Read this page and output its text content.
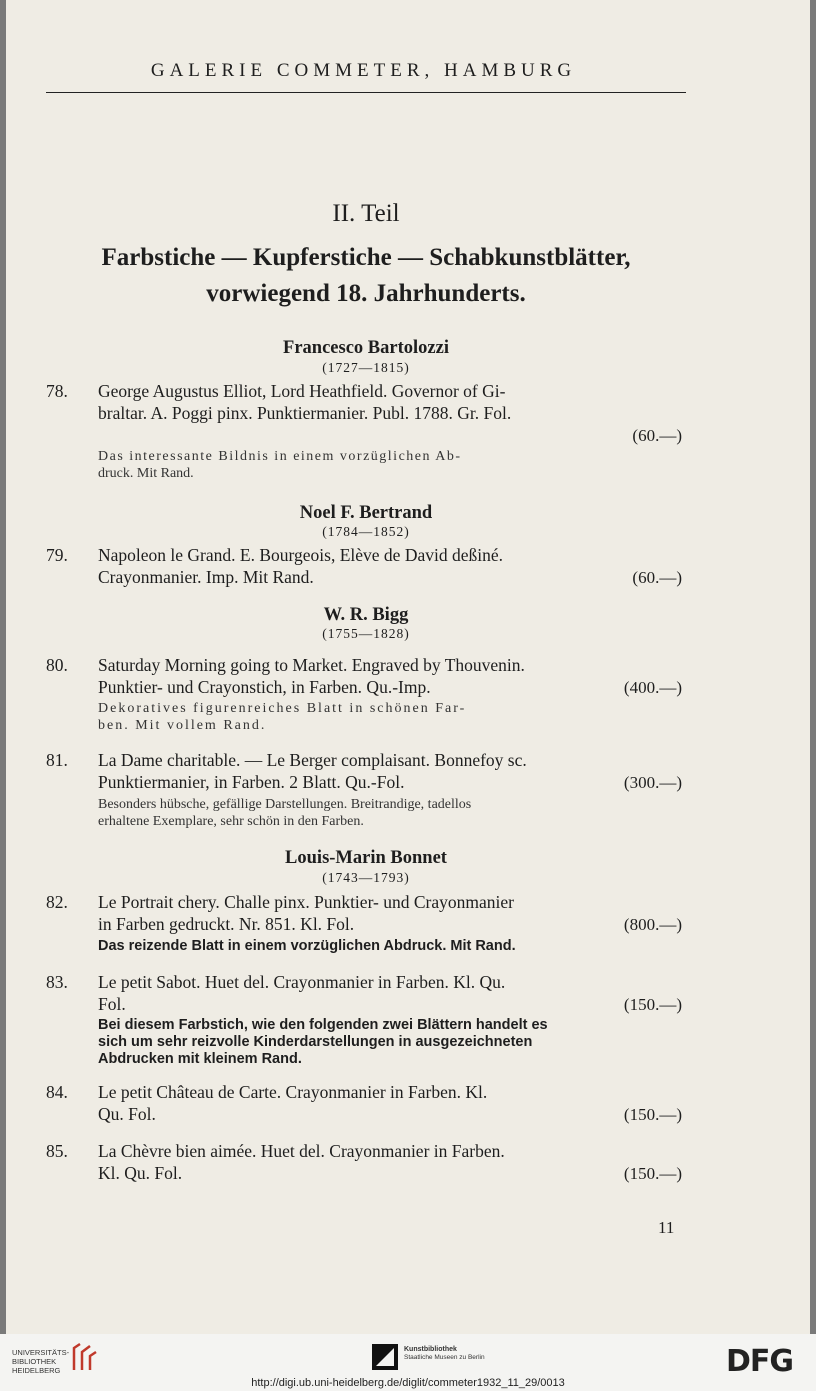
GALERIE COMMETER, HAMBURG
II. Teil
Farbstiche — Kupferstiche — Schabkunstblätter,
vorwiegend 18. Jahrhunderts.
Francesco Bartolozzi
(1727—1815)
78. George Augustus Elliot, Lord Heathfield. Governor of Gi-
braltar. A. Poggi pinx. Punktiermanier. Publ. 1788. Gr. Fol.
(60.—)
Das interessante Bildnis in einem vorzüglichen Ab-
druck. Mit Rand.
Noel F. Bertrand
(1784—1852)
79. Napoleon le Grand. E. Bourgeois, Elève de David deßiné.
Crayonmanier. Imp. Mit Rand.	(60.—)
W. R. Bigg
(1755—1828)
80. Saturday Morning going to Market. Engraved by Thouvenin.
Punktier- und Crayonstich, in Farben. Qu.-Imp.	(400.—)
Dekoratives figurenreiches Blatt in schönen Far-
ben. Mit vollem Rand.
81. La Dame charitable. — Le Berger complaisant. Bonnefoy sc.
Punktiermanier, in Farben. 2 Blatt. Qu.-Fol.	(300.—)
Besonders hübsche, gefällige Darstellungen. Breitrandige, tadellos
erhaltene Exemplare, sehr schön in den Farben.
Louis-Marin Bonnet
(1743—1793)
82. Le Portrait chery. Challe pinx. Punktier- und Crayonmanier
in Farben gedruckt. Nr. 851. Kl. Fol.	(800.—)
Das reizende Blatt in einem vorzüglichen Abdruck. Mit Rand.
83. Le petit Sabot. Huet del. Crayonmanier in Farben. Kl. Qu.
Fol.	(150.—)
Bei diesem Farbstich, wie den folgenden zwei Blättern handelt es
sich um sehr reizvolle Kinderdarstellungen in ausgezeichneten
Abdrucken mit kleinem Rand.
84. Le petit Château de Carte. Crayonmanier in Farben. Kl.
Qu. Fol.	(150.—)
85. La Chèvre bien aimée. Huet del. Crayonmanier in Farben.
Kl. Qu. Fol.	(150.—)
11
UNIVERSITÄTS-
BIBLIOTHEK
HEIDELBERG
Kunstbibliothek
Staatliche Museen zu Berlin	DFG
http://digi.ub.uni-heidelberg.de/diglit/commeter1932_11_29/0013
